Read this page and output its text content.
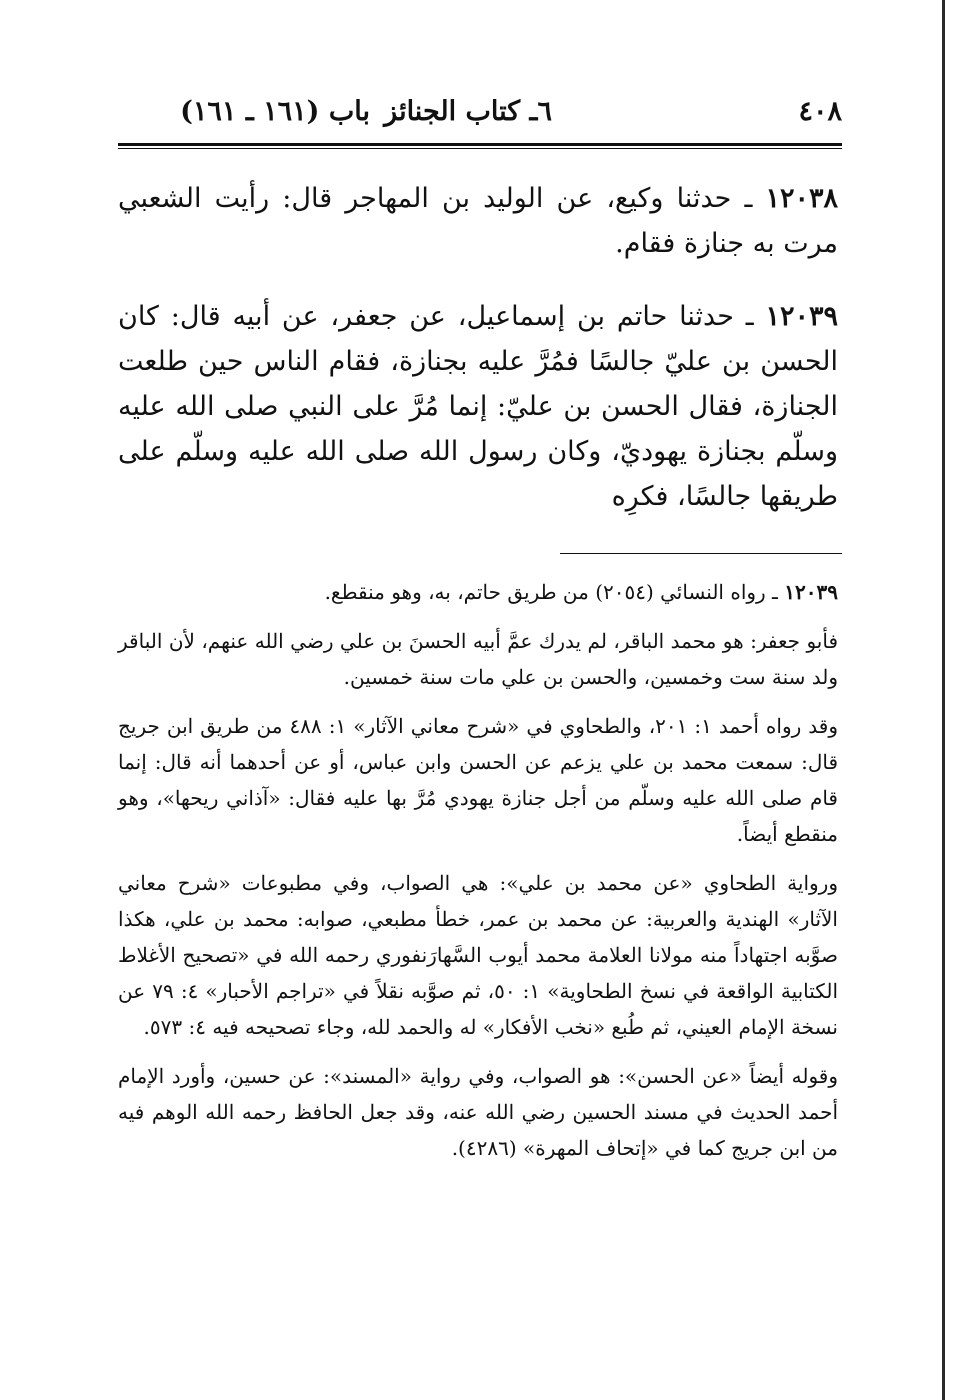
٤٠٨
٦ـ كتاب الجنائز
باب (١٦١ ـ ١٦١)

١٢٠٣٨ ـ حدثنا وكيع، عن الوليد بن المهاجر قال: رأيت الشعبي مرت به جنازة فقام.

١٢٠٣٩ ـ حدثنا حاتم بن إسماعيل، عن جعفر، عن أبيه قال: كان الحسن بن عليّ جالسًا فمُرَّ عليه بجنازة، فقام الناس حين طلعت الجنازة، فقال الحسن بن عليّ: إنما مُرَّ على النبي صلى الله عليه وسلّم بجنازة يهوديّ، وكان رسول الله صلى الله عليه وسلّم على طريقها جالسًا، فكرِه

١٢٠٣٩ ـ رواه النسائي (٢٠٥٤) من طريق حاتم، به، وهو منقطع.

فأبو جعفر: هو محمد الباقر، لم يدرك عمَّ أبيه الحسنَ بن علي رضي الله عنهم، لأن الباقر ولد سنة ست وخمسين، والحسن بن علي مات سنة خمسين.

وقد رواه أحمد ١: ٢٠١، والطحاوي في «شرح معاني الآثار» ١: ٤٨٨ من طريق ابن جريج قال: سمعت محمد بن علي يزعم عن الحسن وابن عباس، أو عن أحدهما أنه قال: إنما قام صلى الله عليه وسلّم من أجل جنازة يهودي مُرَّ بها عليه فقال: «آذاني ريحها»، وهو منقطع أيضاً.

ورواية الطحاوي «عن محمد بن علي»: هي الصواب، وفي مطبوعات «شرح معاني الآثار» الهندية والعربية: عن محمد بن عمر، خطأ مطبعي، صوابه: محمد بن علي، هكذا صوَّبه اجتهاداً منه مولانا العلامة محمد أيوب السَّهارَنفوري رحمه الله في «تصحيح الأغلاط الكتابية الواقعة في نسخ الطحاوية» ١: ٥٠، ثم صوَّبه نقلاً في «تراجم الأحبار» ٤: ٧٩ عن نسخة الإمام العيني، ثم طُبع «نخب الأفكار» له والحمد لله، وجاء تصحيحه فيه ٤: ٥٧٣.

وقوله أيضاً «عن الحسن»: هو الصواب، وفي رواية «المسند»: عن حسين، وأورد الإمام أحمد الحديث في مسند الحسين رضي الله عنه، وقد جعل الحافظ رحمه الله الوهم فيه من ابن جريج كما في «إتحاف المهرة» (٤٢٨٦).
